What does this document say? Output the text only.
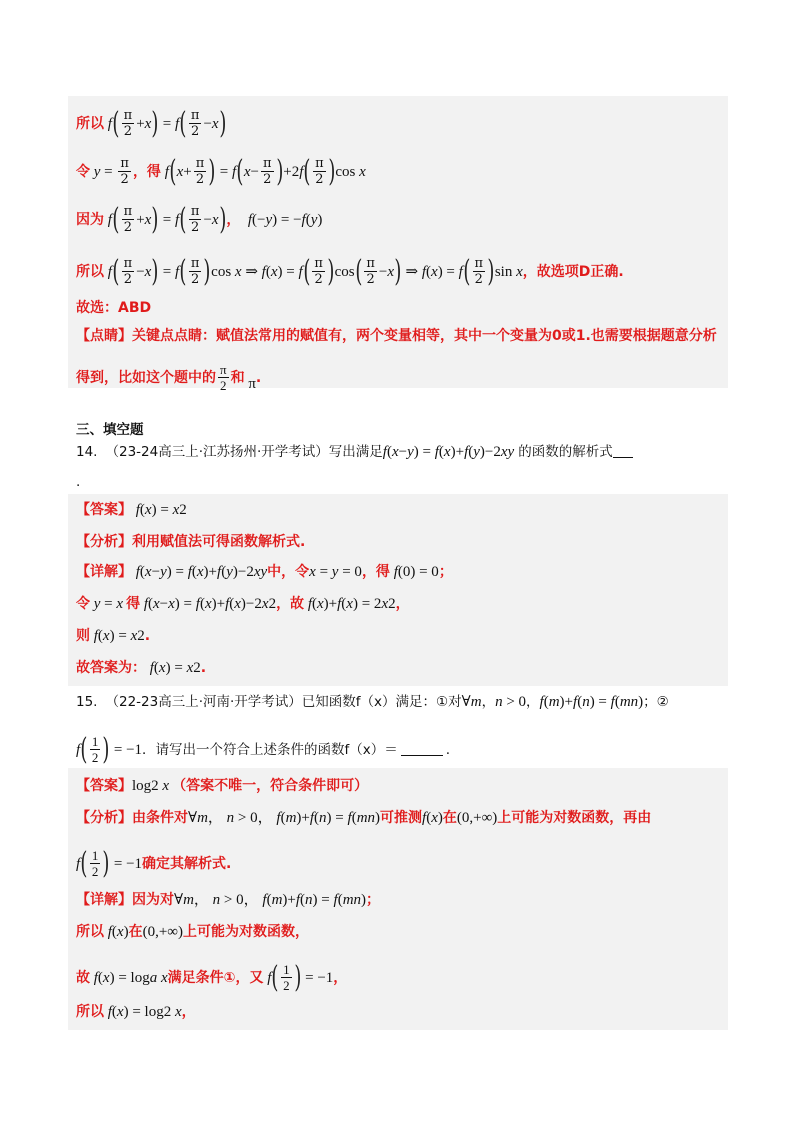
所以 f ( $\frac{\pi}{2} + x$ ) = f ( $\frac{\pi}{2} - x$ )
令 $y = \frac{\pi}{2}$ ，得 f ( $x + \frac{\pi}{2}$ ) = f ( $x - \frac{\pi}{2}$ ) +2 f ( $\frac{\pi}{2}$ ) cos x
因为 f ( $\frac{\pi}{2} + x$ ) = f ( $\frac{\pi}{2} - x$ ) ， f (− y ) = − f ( y )
所以 f ( $\frac{\pi}{2} - x$ ) = f ( $\frac{\pi}{2}$ ) cos x ⇒ f ( x ) = f ( $\frac{\pi}{2}$ ) cos ( $\frac{\pi}{2} - x$ ) ⇒ f ( x ) = f ( $\frac{\pi}{2}$ ) sin x ，故选项D正确.
故选：ABD
【点睛】关键点点睛：赋值法常用的赋值有，两个变量相等，其中一个变量为0或1.也需要根据题意分析
得到，比如这个题中的 $\frac{\pi}{2}$ 和 π .
三、填空题
14. （23-24高三上·江苏扬州·开学考试）写出满足 f ( x − y ) = f ( x )+ f ( y )−2 xy 的函数的解析式
.
【答案】 f ( x ) = x 2
【分析】利用赋值法可得函数解析式.
【详解】 f ( x − y ) = f ( x )+ f ( y )−2 xy 中，令 x = y = 0 ，得 f (0) = 0 ；
令 y = x 得 f ( x − x ) = f ( x )+ f ( x )−2 x 2 ，故 f ( x )+ f ( x ) = 2 x 2 ，
则 f ( x ) = x 2 .
故答案为： f ( x ) = x 2 .
15. （22-23高三上·河南·开学考试）已知函数 f（x） 满足：①对 ∀ m ， n > 0 ， f ( m )+ f ( n ) = f ( mn ) ；②
f ( $\frac{1}{2}$ ) = −1 ．请写出一个符合上述条件的函数 f（x） ＝	.
【答案】 log 2 x （答案不唯一，符合条件即可）
【分析】由条件对 ∀ m ， n > 0， f ( m )+ f ( n ) = f ( mn ) 可推测 f ( x ) 在 (0,+∞) 上可能为对数函数，再由
f ( $\frac{1}{2}$ ) = −1 确定其解析式.
【详解】因为对 ∀ m ， n > 0， f ( m )+ f ( n ) = f ( mn ) ；
所以 f ( x ) 在 (0,+∞) 上可能为对数函数，
故 f ( x ) = log a x 满足条件①，又 f ( $\frac{1}{2}$ ) = −1 ，
所以 f ( x ) = log 2 x ，
